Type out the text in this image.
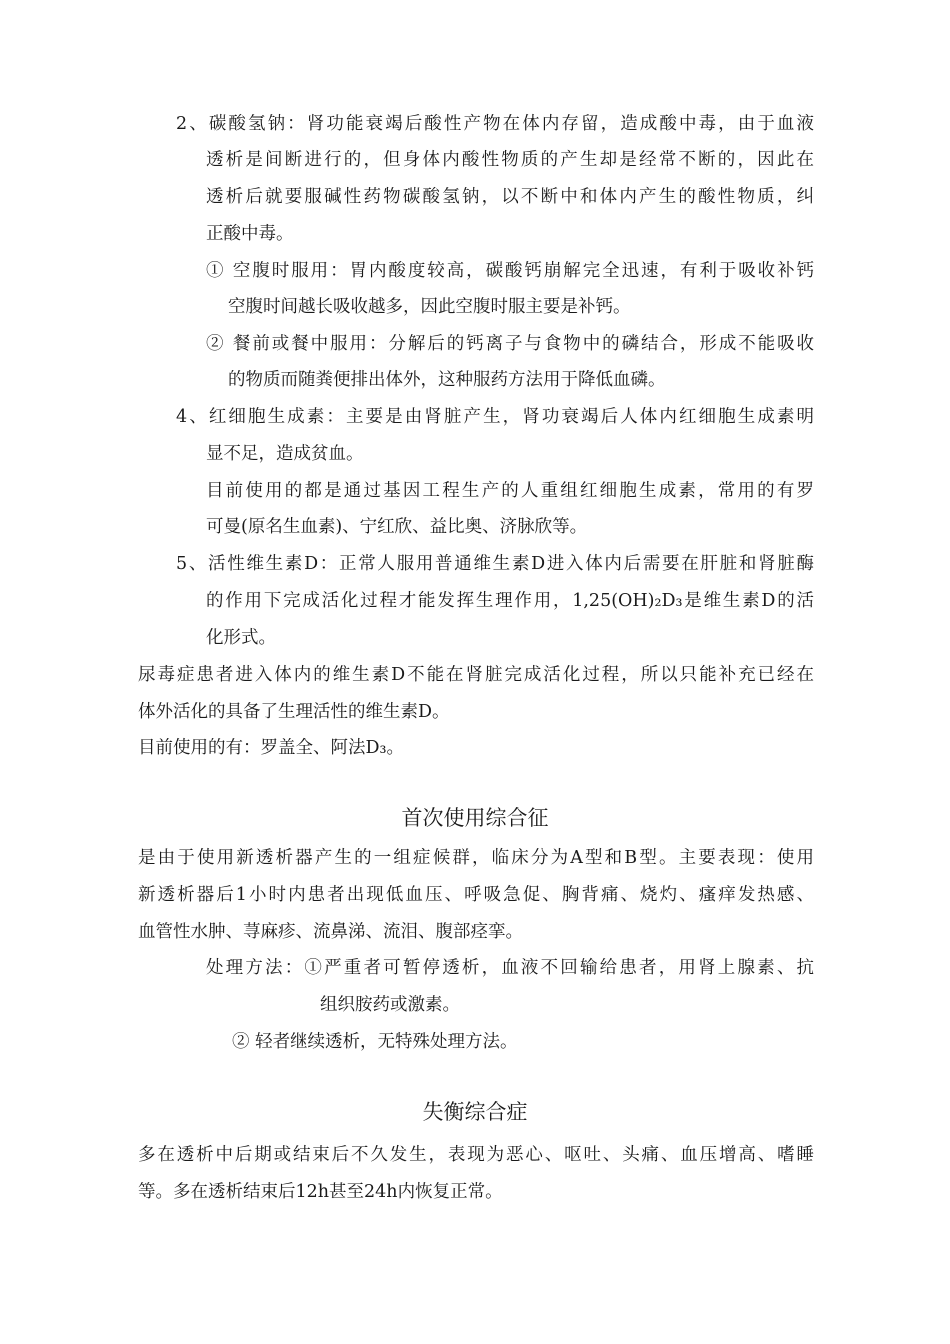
2、碳酸氢钠：肾功能衰竭后酸性产物在体内存留，造成酸中毒，由于血液
透析是间断进行的，但身体内酸性物质的产生却是经常不断的，因此在
透析后就要服碱性药物碳酸氢钠，以不断中和体内产生的酸性物质，纠
正酸中毒。
① 空腹时服用：胃内酸度较高，碳酸钙崩解完全迅速，有利于吸收补钙
空腹时间越长吸收越多，因此空腹时服主要是补钙。
② 餐前或餐中服用：分解后的钙离子与食物中的磷结合，形成不能吸收
的物质而随粪便排出体外，这种服药方法用于降低血磷。
4、红细胞生成素：主要是由肾脏产生，肾功衰竭后人体内红细胞生成素明
显不足，造成贫血。
目前使用的都是通过基因工程生产的人重组红细胞生成素，常用的有罗
可曼(原名生血素)、宁红欣、益比奥、济脉欣等。
5、活性维生素D：正常人服用普通维生素D进入体内后需要在肝脏和肾脏酶
的作用下完成活化过程才能发挥生理作用，1,25(OH)₂D₃是维生素D的活
化形式。
尿毒症患者进入体内的维生素D不能在肾脏完成活化过程，所以只能补充已经在
体外活化的具备了生理活性的维生素D。
目前使用的有：罗盖全、阿法D₃。
首次使用综合征
是由于使用新透析器产生的一组症候群，临床分为A型和B型。主要表现：使用
新透析器后1小时内患者出现低血压、呼吸急促、胸背痛、烧灼、瘙痒发热感、
血管性水肿、荨麻疹、流鼻涕、流泪、腹部痉挛。
处理方法：①严重者可暂停透析，血液不回输给患者，用肾上腺素、抗
组织胺药或激素。
② 轻者继续透析，无特殊处理方法。
失衡综合症
多在透析中后期或结束后不久发生，表现为恶心、呕吐、头痛、血压增高、嗜睡
等。多在透析结束后12h甚至24h内恢复正常。
